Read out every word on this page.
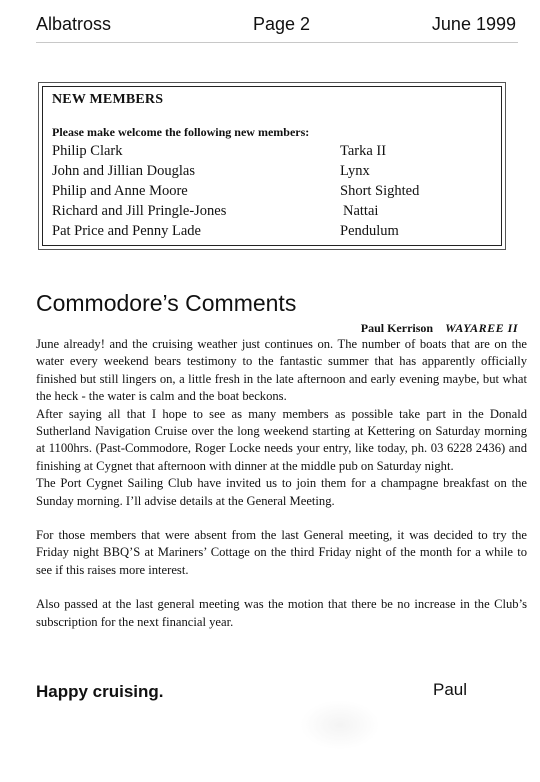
Albatross	Page 2	June 1999
NEW MEMBERS
Please make welcome the following new members:
Philip Clark	Tarka II
John and Jillian Douglas	Lynx
Philip and Anne Moore	Short Sighted
Richard and Jill Pringle-Jones	Nattai
Pat Price and Penny Lade	Pendulum
Commodore’s Comments
Paul Kerrison WAYAREE II

June already! and the cruising weather just continues on. The number of boats that are on the water every weekend bears testimony to the fantastic summer that has apparently officially finished but still lingers on, a little fresh in the late afternoon and early evening maybe, but what the heck - the water is calm and the boat beckons.

After saying all that I hope to see as many members as possible take part in the Donald Sutherland Navigation Cruise over the long weekend starting at Kettering on Saturday morning at 1100hrs. (Past-Commodore, Roger Locke needs your entry, like today, ph. 03 6228 2436) and finishing at Cygnet that afternoon with dinner at the middle pub on Saturday night.

The Port Cygnet Sailing Club have invited us to join them for a champagne breakfast on the Sunday morning. I’ll advise details at the General Meeting.

For those members that were absent from the last General meeting, it was decided to try the Friday night BBQ’S at Mariners’ Cottage on the third Friday night of the month for a while to see if this raises more interest.

Also passed at the last general meeting was the motion that there be no increase in the Club’s subscription for the next financial year.

Happy cruising.	Paul
